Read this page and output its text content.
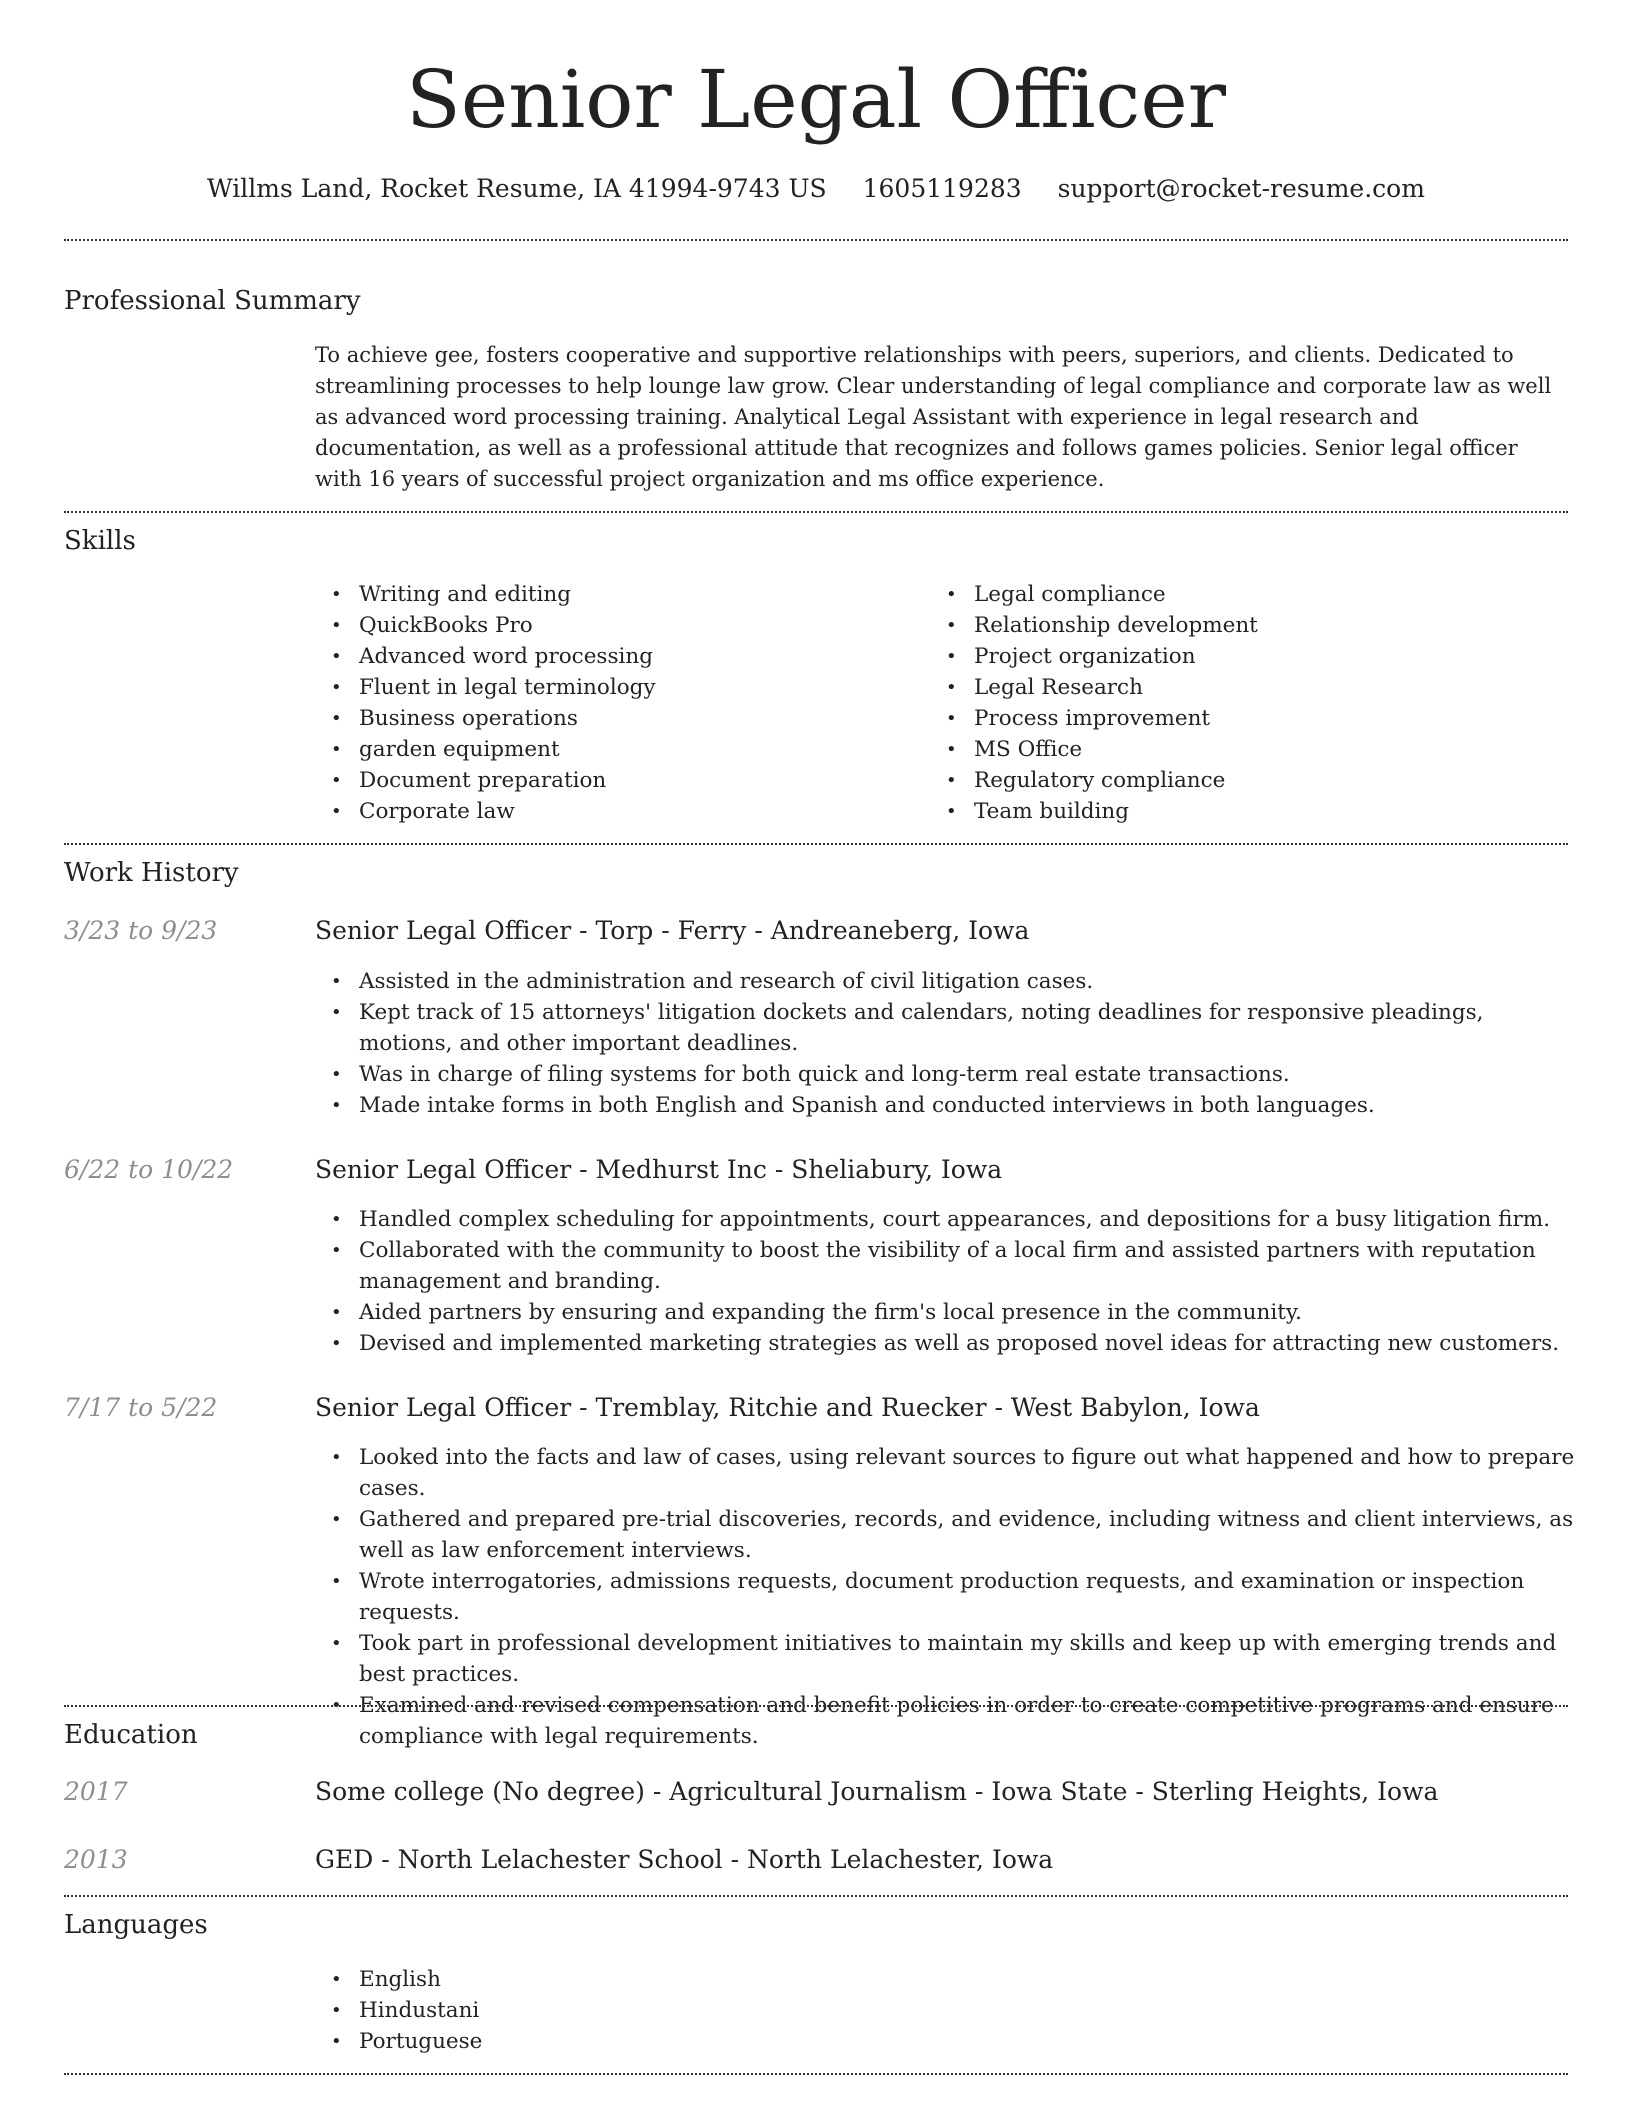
Senior Legal Officer
Willms Land, Rocket Resume, IA 41994-9743 US 1605119283 support@rocket-resume.com
Professional Summary
To achieve gee, fosters cooperative and supportive relationships with peers, superiors, and clients. Dedicated to streamlining processes to help lounge law grow. Clear understanding of legal compliance and corporate law as well as advanced word processing training. Analytical Legal Assistant with experience in legal research and documentation, as well as a professional attitude that recognizes and follows games policies. Senior legal officer with 16 years of successful project organization and ms office experience.
Skills
• Writing and editing
• QuickBooks Pro
• Advanced word processing
• Fluent in legal terminology
• Business operations
• garden equipment
• Document preparation
• Corporate law
• Legal compliance
• Relationship development
• Project organization
• Legal Research
• Process improvement
• MS Office
• Regulatory compliance
• Team building
Work History
3/23 to 9/23	Senior Legal Officer - Torp - Ferry - Andreaneberg, Iowa
• Assisted in the administration and research of civil litigation cases.
• Kept track of 15 attorneys' litigation dockets and calendars, noting deadlines for responsive pleadings, motions, and other important deadlines.
• Was in charge of filing systems for both quick and long-term real estate transactions.
• Made intake forms in both English and Spanish and conducted interviews in both languages.
6/22 to 10/22	Senior Legal Officer - Medhurst Inc - Sheliabury, Iowa
• Handled complex scheduling for appointments, court appearances, and depositions for a busy litigation firm.
• Collaborated with the community to boost the visibility of a local firm and assisted partners with reputation management and branding.
• Aided partners by ensuring and expanding the firm's local presence in the community.
• Devised and implemented marketing strategies as well as proposed novel ideas for attracting new customers.
7/17 to 5/22	Senior Legal Officer - Tremblay, Ritchie and Ruecker - West Babylon, Iowa
• Looked into the facts and law of cases, using relevant sources to figure out what happened and how to prepare cases.
• Gathered and prepared pre-trial discoveries, records, and evidence, including witness and client interviews, as well as law enforcement interviews.
• Wrote interrogatories, admissions requests, document production requests, and examination or inspection requests.
• Took part in professional development initiatives to maintain my skills and keep up with emerging trends and best practices.
• Examined and revised compensation and benefit policies in order to create competitive programs and ensure compliance with legal requirements.
Education
2017	Some college (No degree) - Agricultural Journalism - Iowa State - Sterling Heights, Iowa
2013	GED - North Lelachester School - North Lelachester, Iowa
Languages
• English
• Hindustani
• Portuguese
